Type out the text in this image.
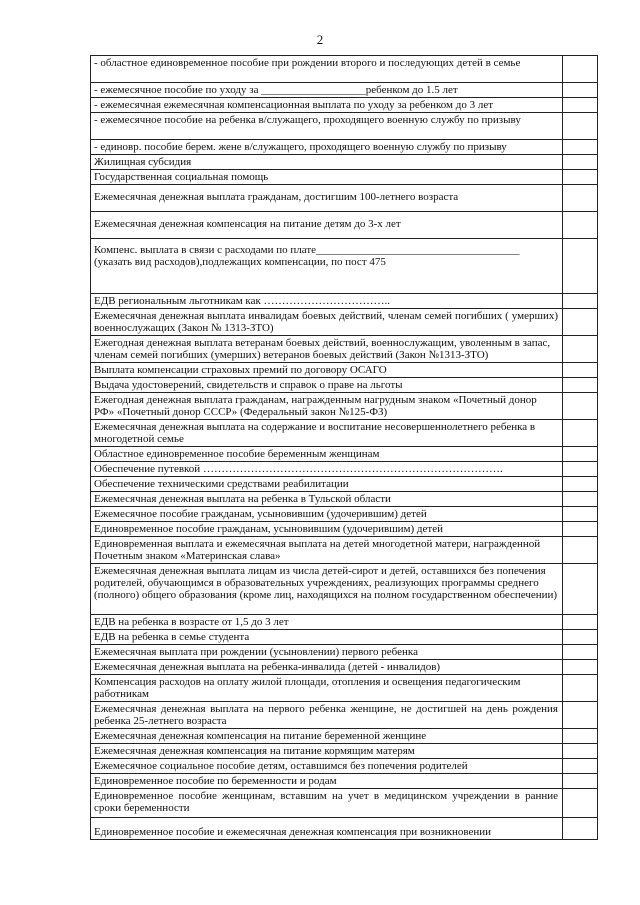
2
- областное единовременное пособие при рождении второго и последующих детей в семье	
- ежемесячное пособие по уходу за ___________________ребенком до 1.5 лет	
- ежемесячная ежемесячная компенсационная выплата по уходу за ребенком до 3 лет	
- ежемесячное пособие на ребенка в/служащего, проходящего военную службу по призыву	
- единовр. пособие берем. жене в/служащего, проходящего военную службу по призыву	
Жилищная субсидия	
Государственная социальная помощь	
Ежемесячная денежная выплата гражданам, достигшим 100-летнего возраста	
Ежемесячная денежная компенсация на питание детям до 3-х лет	
Компенс. выплата в связи с расходами по плате_____________________________________ (указать вид расходов),подлежащих компенсации, по пост 475	
ЕДВ региональным льготникам как ……………………………..	
Ежемесячная денежная выплата инвалидам боевых действий, членам семей погибших ( умерших) военнослужащих (Закон № 1313-ЗТО)	
Ежегодная денежная выплата ветеранам боевых действий, военнослужащим, уволенным в запас, членам семей погибших (умерших) ветеранов боевых действий (Закон №1313-ЗТО)	
Выплата компенсации страховых премий по договору ОСАГО	
Выдача удостоверений, свидетельств и справок о праве на льготы	
Ежегодная денежная выплата гражданам, награжденным нагрудным знаком «Почетный донор РФ» «Почетный донор СССР» (Федеральный закон №125-ФЗ)	
Ежемесячная денежная выплата на содержание и воспитание несовершеннолетнего ребенка в многодетной семье	
Областное единовременное пособие беременным женщинам	
Обеспечение путевкой ……………………………………………………………………….	
Обеспечение техническими средствами реабилитации	
Ежемесячная денежная выплата на ребенка в Тульской области	
Ежемесячное пособие гражданам, усыновившим (удочерившим) детей	
Единовременное пособие гражданам, усыновившим (удочерившим) детей	
Единовременная выплата и ежемесячная выплата на детей многодетной матери, награжденной Почетным знаком «Материнская слава»	
Ежемесячная денежная выплата лицам из числа детей-сирот и детей, оставшихся без попечения родителей, обучающимся в образовательных учреждениях, реализующих программы среднего (полного) общего образования (кроме лиц, находящихся на полном государственном обеспечении)	
ЕДВ на ребенка в возрасте от 1,5 до 3 лет	
ЕДВ на ребенка в семье студента	
Ежемесячная выплата при рождении (усыновлении) первого ребенка	
Ежемесячная денежная выплата на ребенка-инвалида (детей - инвалидов)	
Компенсация расходов на оплату жилой площади, отопления и освещения педагогическим работникам	
Ежемесячная денежная выплата на первого ребенка женщине, не достигшей на день рождения ребенка 25-летнего возраста	
Ежемесячная денежная компенсация на питание беременной женщине	
Ежемесячная денежная компенсация на питание кормящим матерям	
Ежемесячное социальное пособие детям, оставшимся без попечения родителей	
Единовременное пособие по беременности и родам	
Единовременное пособие женщинам, вставшим на учет в медицинском учреждении в ранние сроки беременности	
Единовременное пособие и ежемесячная денежная компенсация при возникновении	
